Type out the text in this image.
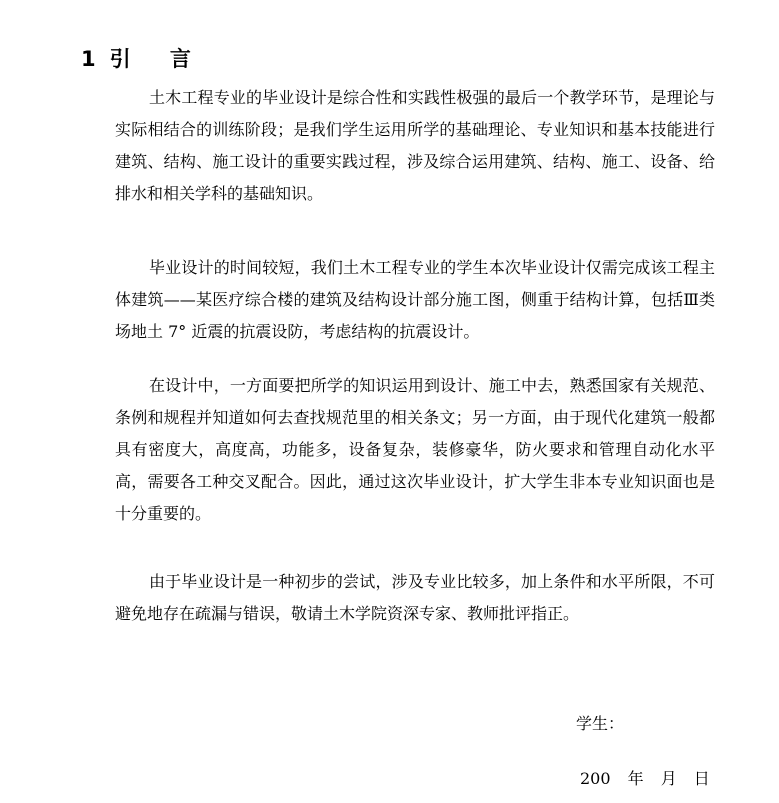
1 引 言

土木工程专业的毕业设计是综合性和实践性极强的最后一个教学环节，是理论与实际相结合的训练阶段；是我们学生运用所学的基础理论、专业知识和基本技能进行建筑、结构、施工设计的重要实践过程，涉及综合运用建筑、结构、施工、设备、给排水和相关学科的基础知识。

毕业设计的时间较短，我们土木工程专业的学生本次毕业设计仅需完成该工程主体建筑——某医疗综合楼的建筑及结构设计部分施工图，侧重于结构计算，包括Ⅲ类场地土 7° 近震的抗震设防，考虑结构的抗震设计。

在设计中，一方面要把所学的知识运用到设计、施工中去，熟悉国家有关规范、条例和规程并知道如何去查找规范里的相关条文；另一方面，由于现代化建筑一般都具有密度大，高度高，功能多，设备复杂，装修豪华，防火要求和管理自动化水平高，需要各工种交叉配合。因此，通过这次毕业设计，扩大学生非本专业知识面也是十分重要的。

由于毕业设计是一种初步的尝试，涉及专业比较多，加上条件和水平所限，不可避免地存在疏漏与错误，敬请土木学院资深专家、教师批评指正。

学生：
200 年 月 日
